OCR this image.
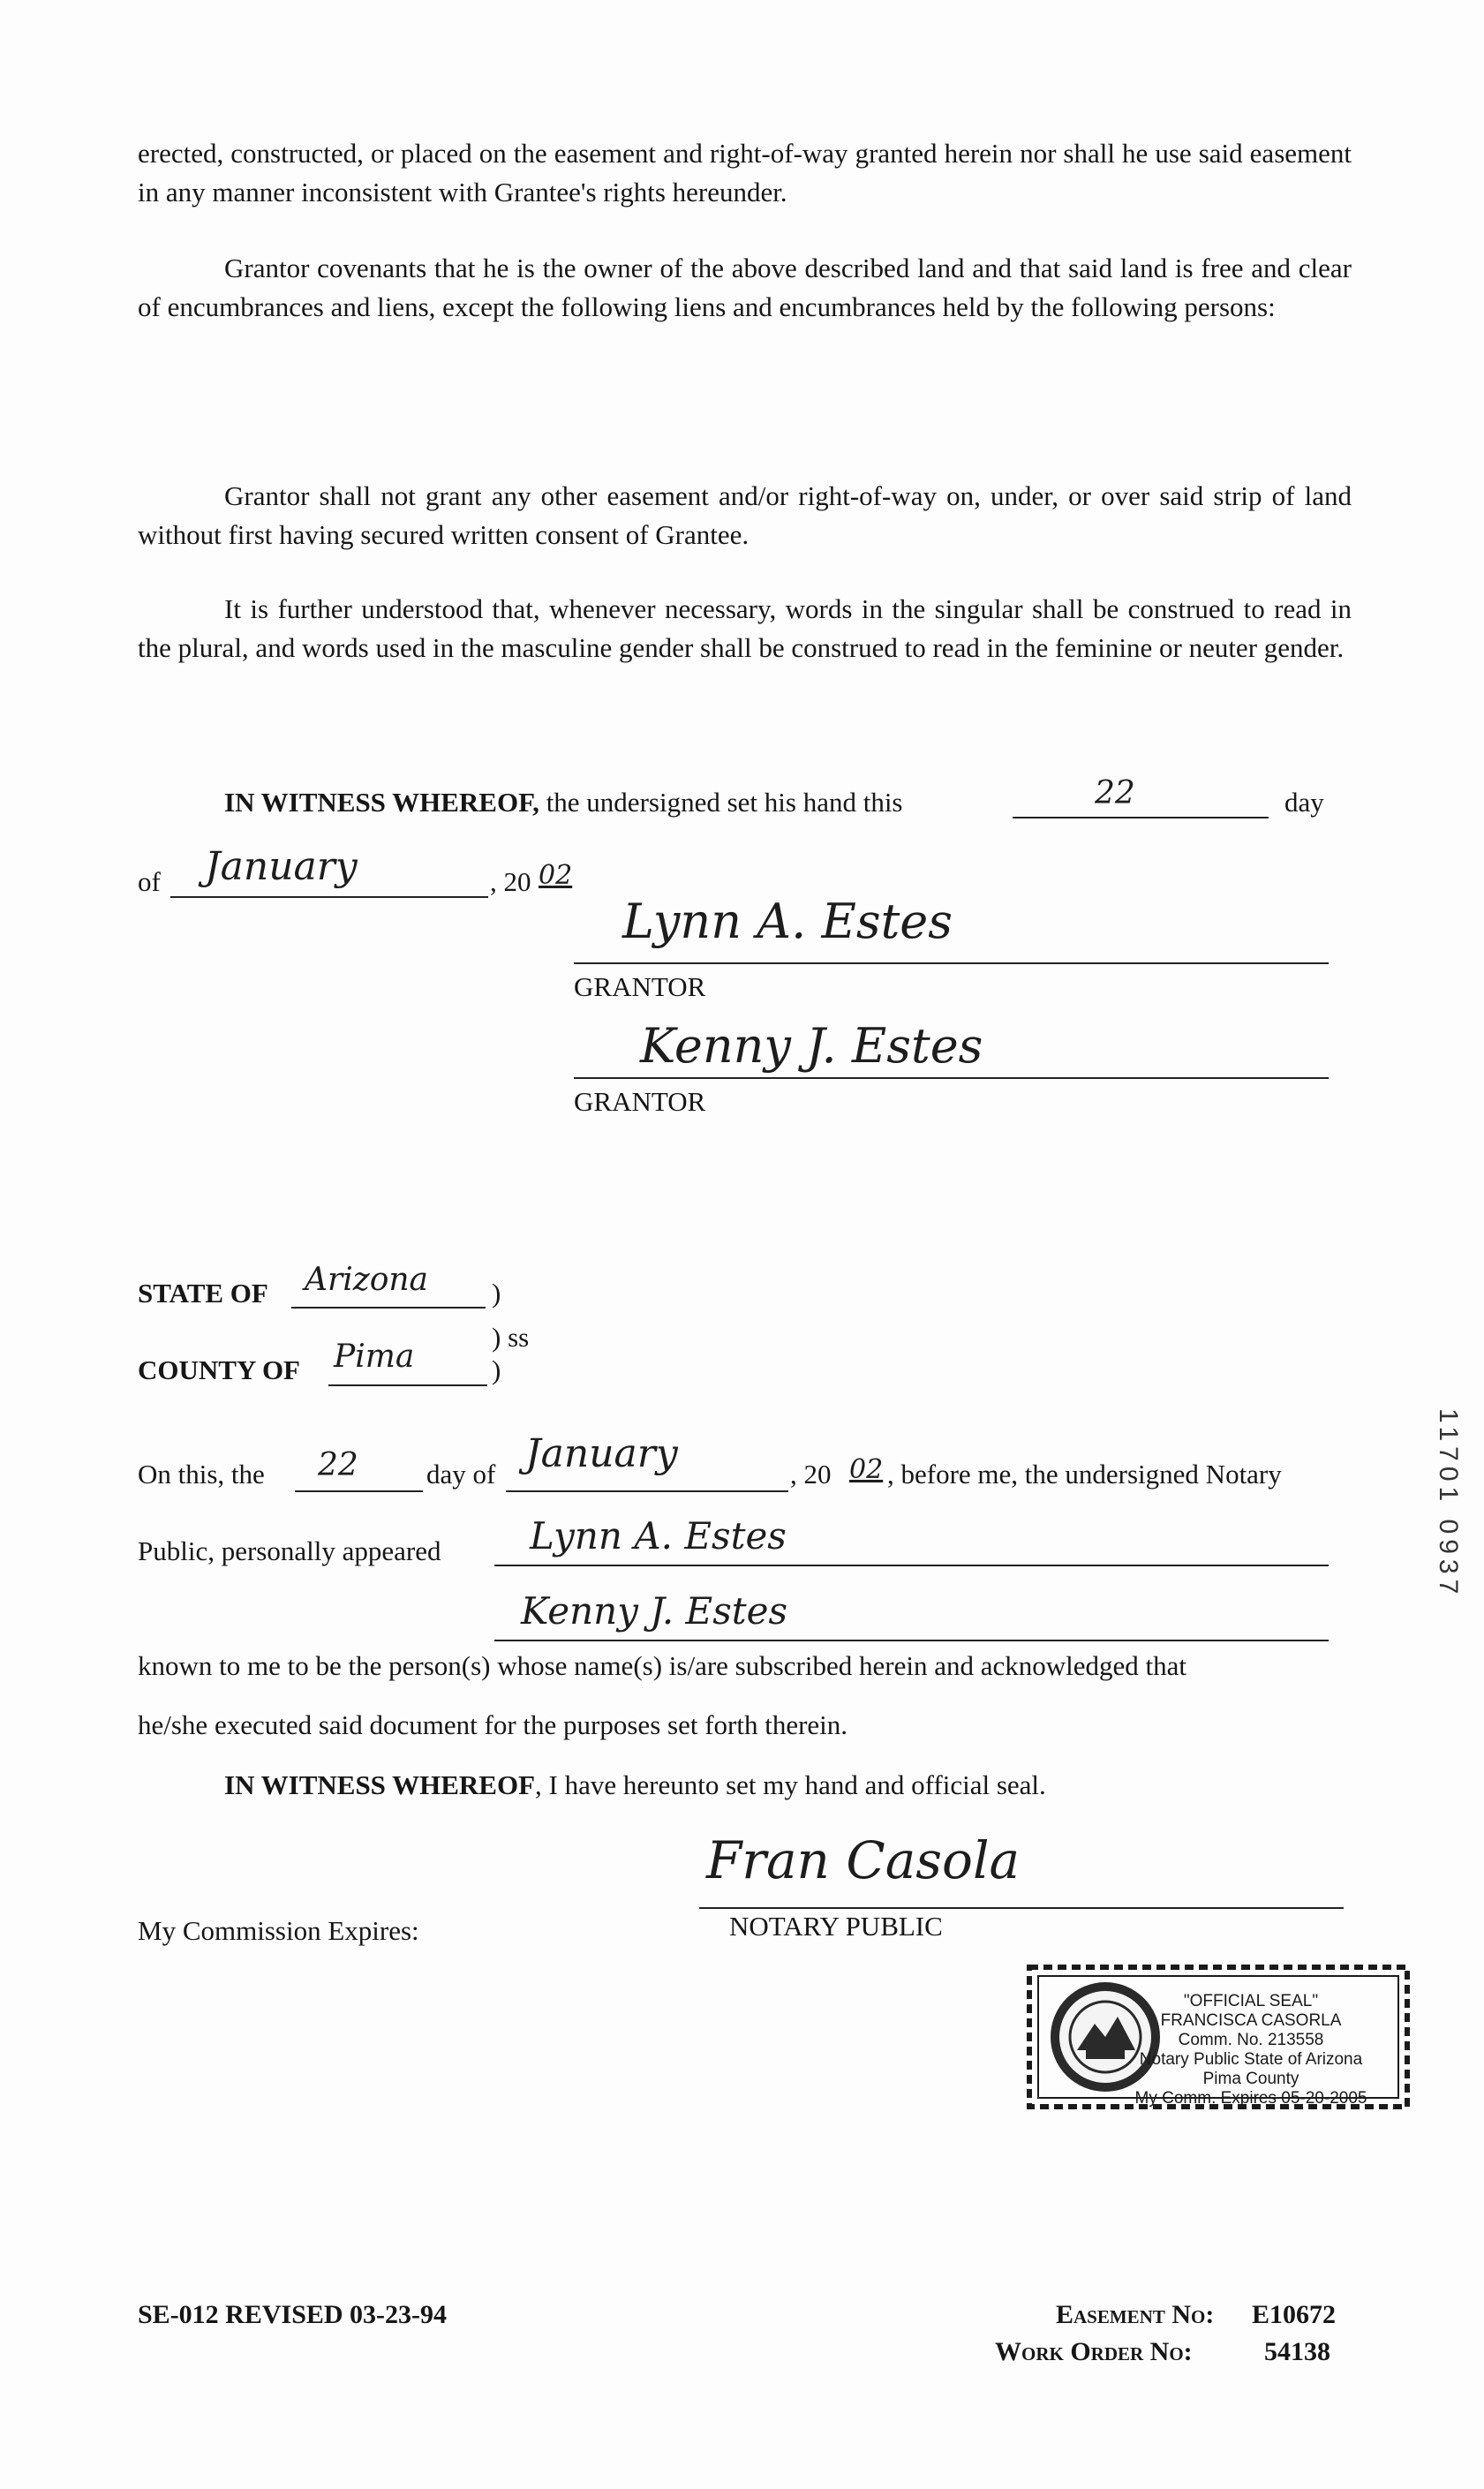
erected, constructed, or placed on the easement and right-of-way granted herein nor shall he use said easement in any manner inconsistent with Grantee's rights hereunder.
Grantor covenants that he is the owner of the above described land and that said land is free and clear of encumbrances and liens, except the following liens and encumbrances held by the following persons:
Grantor shall not grant any other easement and/or right-of-way on, under, or over said strip of land without first having secured written consent of Grantee.
It is further understood that, whenever necessary, words in the singular shall be construed to read in the plural, and words used in the masculine gender shall be construed to read in the feminine or neuter gender.
IN WITNESS WHEREOF, the undersigned set his hand this	22	day
of January	, 20 02
Lynn A. Estes
GRANTOR
Kenny J. Estes
GRANTOR
STATE OF Arizona )
) ss
COUNTY OF Pima	)
On this, the 22 day of January	, 20 02 , before me, the undersigned Notary
Public, personally appeared Lynn A. Estes
Kenny J. Estes
known to me to be the person(s) whose name(s) is/are subscribed herein and acknowledged that
he/she executed said document for the purposes set forth therein.
IN WITNESS WHEREOF, I have hereunto set my hand and official seal.
My Commission Expires:
Fran Casola
NOTARY PUBLIC
"OFFICIAL SEAL"
FRANCISCA CASORLA
Comm. No. 213558
Notary Public State of Arizona
Pima County
My Comm. Expires 05-20-2005
11701 0937
SE-012 REVISED 03-23-94	Easement No: E10672
Work Order No:	54138
